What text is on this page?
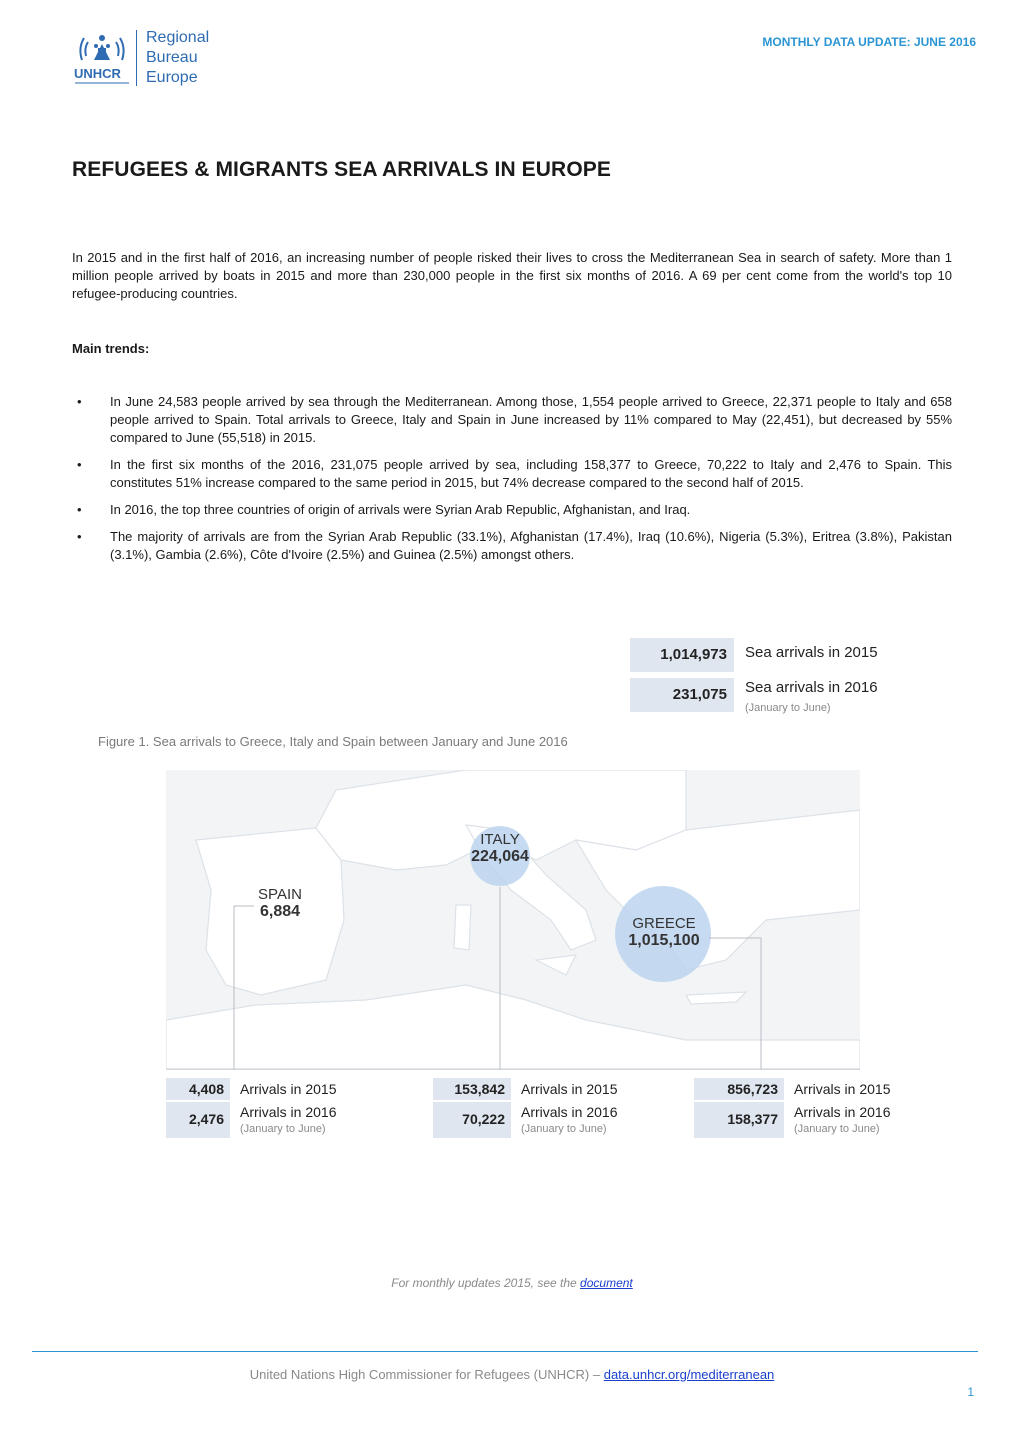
UNHCR
Regional
Bureau
Europe
MONTHLY DATA UPDATE: JUNE 2016
REFUGEES & MIGRANTS SEA ARRIVALS IN EUROPE
In 2015 and in the first half of 2016, an increasing number of people risked their lives to cross the Mediterranean Sea in search of safety. More than 1 million people arrived by boats in 2015 and more than 230,000 people in the first six months of 2016. A 69 per cent come from the world's top 10 refugee-producing countries.
Main trends:
• In June 24,583 people arrived by sea through the Mediterranean. Among those, 1,554 people arrived to Greece, 22,371 people to Italy and 658 people arrived to Spain. Total arrivals to Greece, Italy and Spain in June increased by 11% compared to May (22,451), but decreased by 55% compared to June (55,518) in 2015.
• In the first six months of the 2016, 231,075 people arrived by sea, including 158,377 to Greece, 70,222 to Italy and 2,476 to Spain. This constitutes 51% increase compared to the same period in 2015, but 74% decrease compared to the second half of 2015.
• In 2016, the top three countries of origin of arrivals were Syrian Arab Republic, Afghanistan, and Iraq.
• The majority of arrivals are from the Syrian Arab Republic (33.1%), Afghanistan (17.4%), Iraq (10.6%), Nigeria (5.3%), Eritrea (3.8%), Pakistan (3.1%), Gambia (2.6%), Côte d'Ivoire (2.5%) and Guinea (2.5%) amongst others.
1,014,973	Sea arrivals in 2015
231,075	Sea arrivals in 2016
(January to June)
Figure 1. Sea arrivals to Greece, Italy and Spain between January and June 2016
SPAIN
6,884
ITALY
224,064
GREECE
1,015,100
4,408	Arrivals in 2015
2,476	Arrivals in 2016
(January to June)
153,842	Arrivals in 2015
70,222	Arrivals in 2016
(January to June)
856,723	Arrivals in 2015
158,377	Arrivals in 2016
(January to June)
For monthly updates 2015, see the document
United Nations High Commissioner for Refugees (UNHCR) – data.unhcr.org/mediterranean
1
